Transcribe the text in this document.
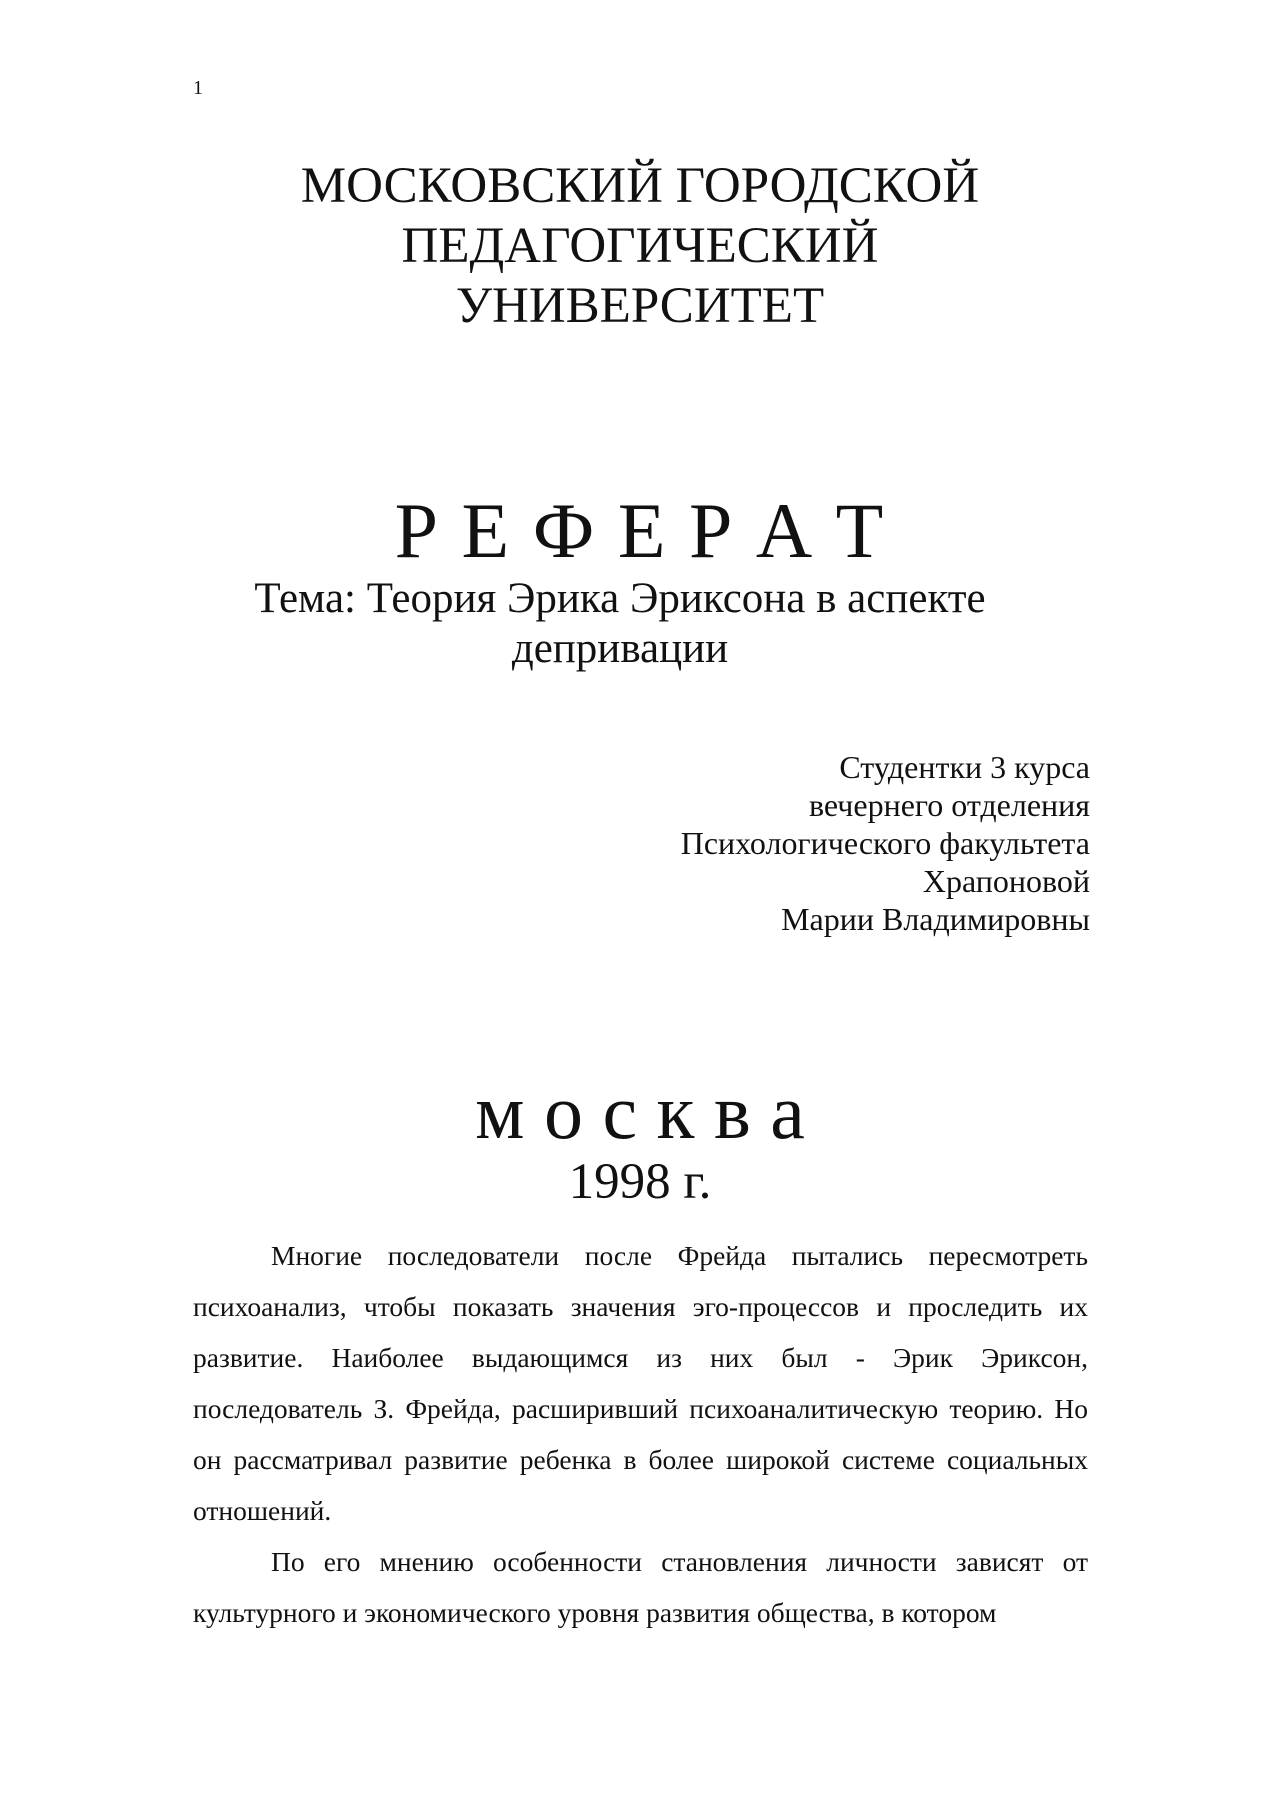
1
МОСКОВСКИЙ ГОРОДСКОЙ
ПЕДАГОГИЧЕСКИЙ
УНИВЕРСИТЕТ
Р Е Ф Е Р А Т
Тема: Теория Эрика Эриксона в аспекте
депривации
Студентки 3 курса
вечернего отделения
Психологического факультета
Храпоновой
Марии Владимировны
м о с к в а
1998 г.

Многие последователи после Фрейда пытались пересмотреть психоанализ, чтобы показать значения эго-процессов и проследить их развитие. Наиболее выдающимся из них был - Эрик Эриксон, последователь З. Фрейда, расширивший психоаналитическую теорию. Но он рассматривал развитие ребенка в более широкой системе социальных отношений.

По его мнению особенности становления личности зависят от культурного и экономического уровня развития общества, в котором
